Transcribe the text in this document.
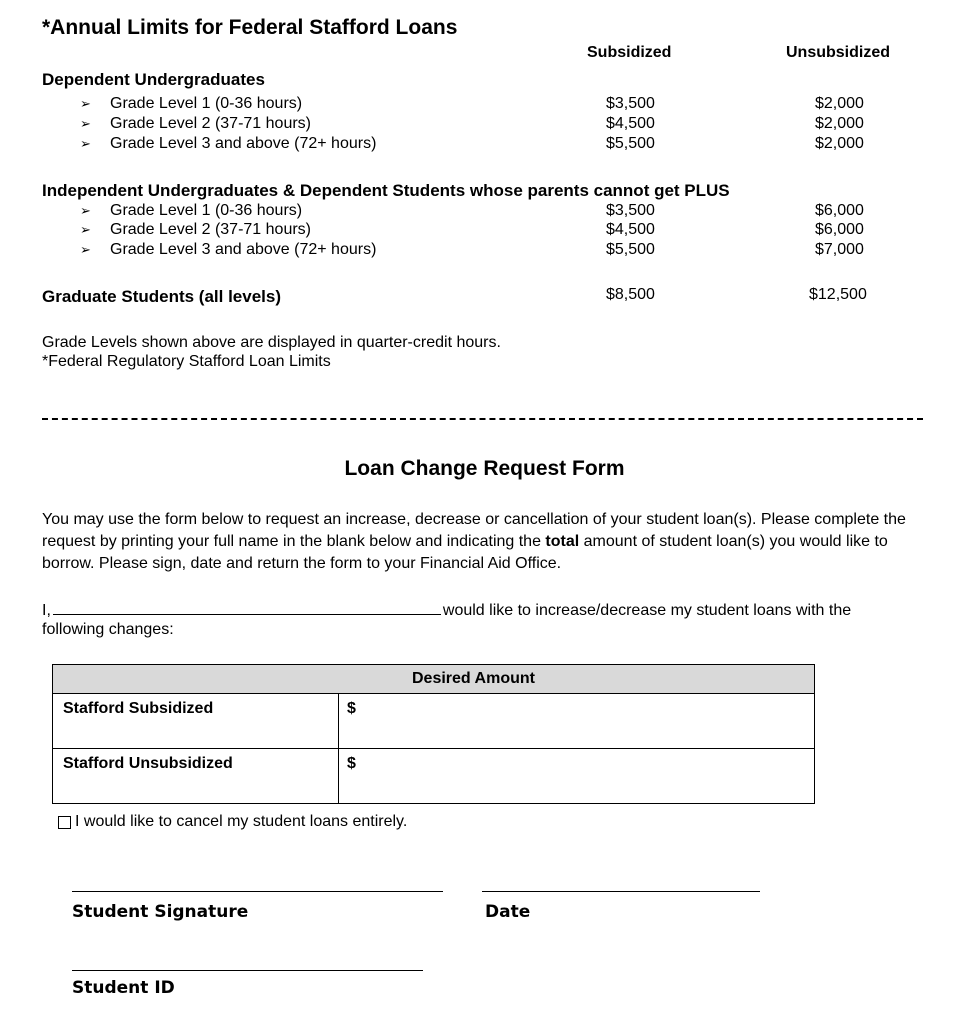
*Annual Limits for Federal Stafford Loans
Subsidized	Unsubsidized
Dependent Undergraduates
➢ Grade Level 1 (0-36 hours)	$3,500	$2,000
➢ Grade Level 2 (37-71 hours)	$4,500	$2,000
➢ Grade Level 3 and above (72+ hours)	$5,500	$2,000
Independent Undergraduates & Dependent Students whose parents cannot get PLUS
➢ Grade Level 1 (0-36 hours)	$3,500	$6,000
➢ Grade Level 2 (37-71 hours)	$4,500	$6,000
➢ Grade Level 3 and above (72+ hours)	$5,500	$7,000
Graduate Students (all levels)	$8,500	$12,500
Grade Levels shown above are displayed in quarter-credit hours.
*Federal Regulatory Stafford Loan Limits
Loan Change Request Form
You may use the form below to request an increase, decrease or cancellation of your student loan(s). Please complete the request by printing your full name in the blank below and indicating the total amount of student loan(s) you would like to borrow. Please sign, date and return the form to your Financial Aid Office.
I,	would like to increase/decrease my student loans with the
following changes:
Desired Amount	
Stafford Subsidized	$
Stafford Unsubsidized	$
I would like to cancel my student loans entirely.
Student Signature	Date
Student ID
